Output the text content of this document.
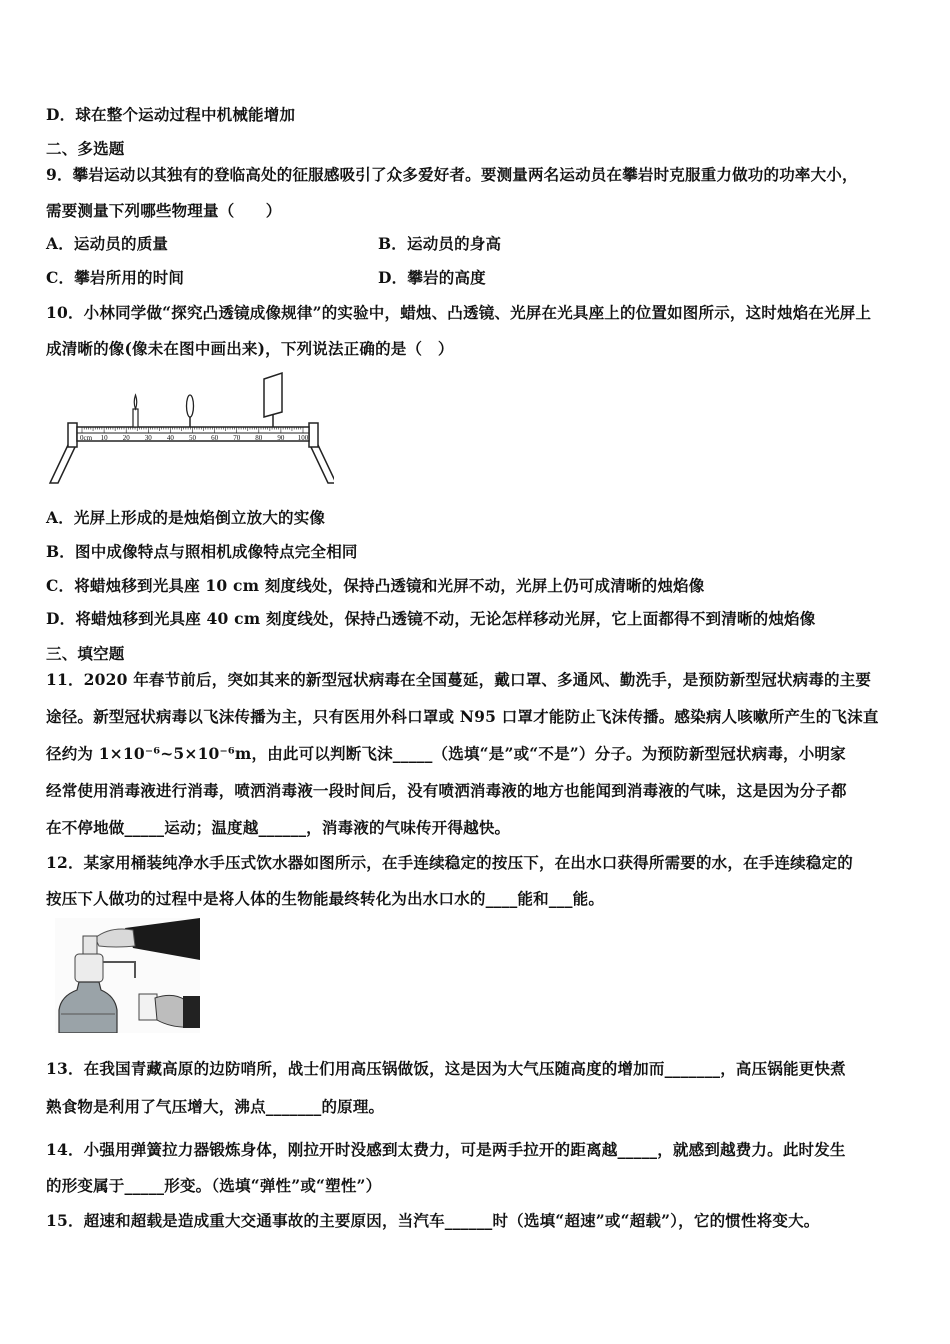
D．球在整个运动过程中机械能增加
二、多选题
9．攀岩运动以其独有的登临高处的征服感吸引了众多爱好者。要测量两名运动员在攀岩时克服重力做功的功率大小，
需要测量下列哪些物理量（　　）
A．运动员的质量	B．运动员的身高
C．攀岩所用的时间	D．攀岩的高度
10．小林同学做“探究凸透镜成像规律”的实验中，蜡烛、凸透镜、光屏在光具座上的位置如图所示，这时烛焰在光屏上
成清晰的像(像未在图中画出来)，下列说法正确的是（　）
0cm 10 20 30 40 50 60 70 80 90 100
A．光屏上形成的是烛焰倒立放大的实像
B．图中成像特点与照相机成像特点完全相同
C．将蜡烛移到光具座 10 cm 刻度线处，保持凸透镜和光屏不动，光屏上仍可成清晰的烛焰像
D．将蜡烛移到光具座 40 cm 刻度线处，保持凸透镜不动，无论怎样移动光屏，它上面都得不到清晰的烛焰像
三、填空题
11．2020 年春节前后，突如其来的新型冠状病毒在全国蔓延，戴口罩、多通风、勤洗手，是预防新型冠状病毒的主要
途径。新型冠状病毒以飞沫传播为主，只有医用外科口罩或 N95 口罩才能防止飞沫传播。感染病人咳嗽所产生的飞沫直
径约为 1×10⁻⁶~5×10⁻⁶m，由此可以判断飞沫_____（选填“是”或“不是”）分子。为预防新型冠状病毒，小明家
经常使用消毒液进行消毒，喷洒消毒液一段时间后，没有喷洒消毒液的地方也能闻到消毒液的气味，这是因为分子都
在不停地做_____运动；温度越______，消毒液的气味传开得越快。
12．某家用桶装纯净水手压式饮水器如图所示，在手连续稳定的按压下，在出水口获得所需要的水，在手连续稳定的
按压下人做功的过程中是将人体的生物能最终转化为出水口水的____能和___能。
13．在我国青藏高原的边防哨所，战士们用高压锅做饭，这是因为大气压随高度的增加而_______，高压锅能更快煮
熟食物是利用了气压增大，沸点_______的原理。
14．小强用弹簧拉力器锻炼身体，刚拉开时没感到太费力，可是两手拉开的距离越_____，就感到越费力。此时发生
的形变属于_____形变。（选填“弹性”或“塑性”）
15．超速和超载是造成重大交通事故的主要原因，当汽车______时（选填“超速”或“超载”），它的惯性将变大。
